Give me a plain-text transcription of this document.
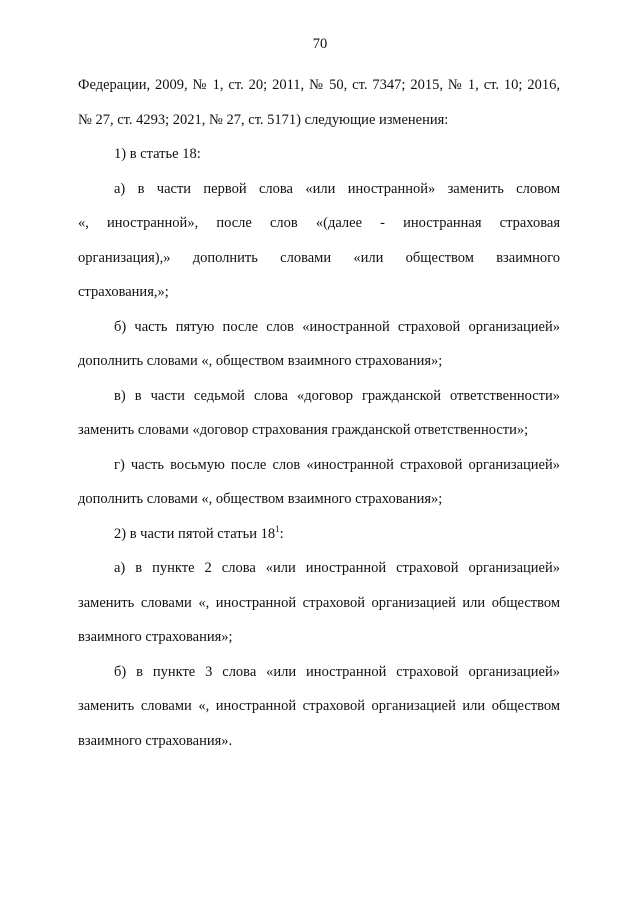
70
Федерации, 2009, № 1, ст. 20; 2011, № 50, ст. 7347; 2015, № 1, ст. 10; 2016,
№ 27, ст. 4293; 2021, № 27, ст. 5171) следующие изменения:
1) в статье 18:
а) в части первой слова «или иностранной» заменить словом
«, иностранной», после слов «(далее - иностранная страховая
организация),» дополнить словами «или обществом взаимного
страхования,»;
б) часть пятую после слов «иностранной страховой организацией»
дополнить словами «, обществом взаимного страхования»;
в) в части седьмой слова «договор гражданской ответственности»
заменить словами «договор страхования гражданской ответственности»;
г) часть восьмую после слов «иностранной страховой организацией»
дополнить словами «, обществом взаимного страхования»;
2) в части пятой статьи $18^1$:
а) в пункте 2 слова «или иностранной страховой организацией»
заменить словами «, иностранной страховой организацией или обществом
взаимного страхования»;
б) в пункте 3 слова «или иностранной страховой организацией»
заменить словами «, иностранной страховой организацией или обществом
взаимного страхования».
